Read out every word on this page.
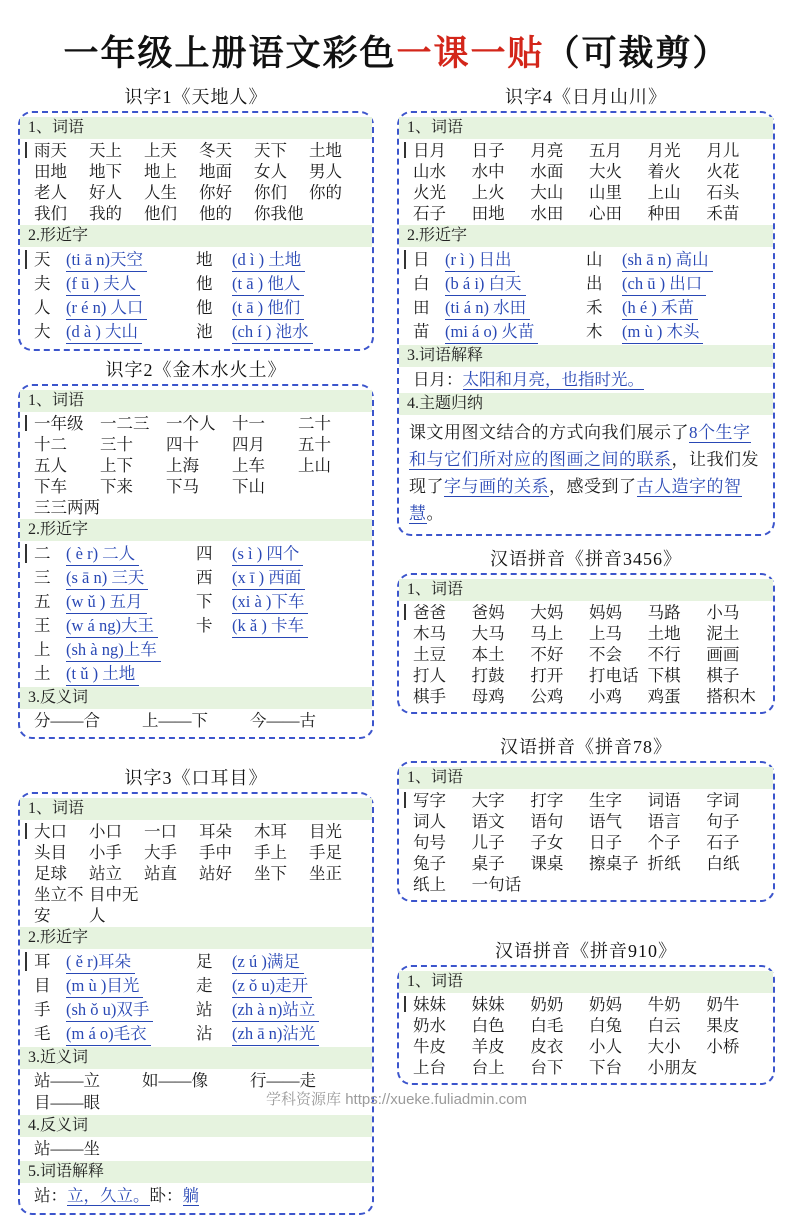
一年级上册语文彩色一课一贴（可裁剪）
识字1《天地人》
1、词语
雨天	天上	上天	冬天	天下	土地
田地	地下	地上	地面	女人	男人
老人	好人	人生	你好	你们	你的
我们	我的	他们	他的	你我他
2.形近字
天 (ti ā n)天空	地	(d ì ) 土地
夫 (f ū ) 夫人	他	(t ā ) 他人
人 (r é n) 人口	他	(t ā ) 他们
大 (d à ) 大山	池	(ch í ) 池水
识字2《金木水火土》
1、词语
一年级	一二三	一个人	十一	二十
十二	三十	四十	四月	五十
五人	上下	上海	上车	上山
下车	下来	下马	下山
三三两两
2.形近字
二 ( è r) 二人	四	(s ì ) 四个
三 (s ā n) 三天	西	(x ī ) 西面
五 (w ǔ ) 五月	下	(xi à )下车
王 (w á ng)大王	卡	(k ǎ ) 卡车
上 (sh à ng)上车
土 (t ǔ ) 土地
3.反义词
分——合	上——下	今——古
识字3《口耳目》
1、词语
大口	小口	一口	耳朵	木耳	目光
头目	小手	大手	手中	手上	手足
足球	站立	站直	站好	坐下	坐正
坐立不安
目中无人
2.形近字
耳 ( ě r)耳朵	足	(z ú )满足
目 (m ù )目光	走	(z ǒ u)走开
手 (sh ǒ u)双手	站	(zh à n)站立
毛 (m á o)毛衣	沾	(zh ā n)沾光
3.近义词
站——立	如——像	行——走
目——眼
4.反义词
站——坐
5.词语解释
站：立，久立。卧：躺
识字4《日月山川》
1、词语
日月	日子	月亮	五月	月光	月儿
山水	水中	水面	大火	着火	火花
火光	上火	大山	山里	上山	石头
石子	田地	水田	心田	种田	禾苗
2.形近字
日 (r ì ) 日出	山	(sh ā n) 高山
白 (b á i) 白天	出	(ch ū ) 出口
田 (ti á n) 水田	禾	(h é ) 禾苗
苗 (mi á o) 火苗	木	(m ù ) 木头
3.词语解释
日月：太阳和月亮，也指时光。
4.主题归纳
课文用图文结合的方式向我们展示了8个生字和与它们所对应的图画之间的联系，让我们发现了字与画的关系，感受到了古人造字的智慧。
汉语拼音《拼音3456》
1、词语
爸爸	爸妈	大妈	妈妈	马路	小马
木马	大马	马上	上马	土地	泥土
土豆	本土	不好	不会	不行	画画
打人	打鼓	打开	打电话 下棋	棋子
棋手	母鸡	公鸡	小鸡	鸡蛋	搭积木
汉语拼音《拼音78》
1、词语
写字	大字	打字	生字	词语	字词
词人	语文	语句	语气	语言	句子
句号	儿子	子女	日子	个子	石子
兔子	桌子	课桌	擦桌子 折纸	白纸
纸上	一句话
汉语拼音《拼音910》
1、词语
妹妹	妹妹	奶奶	奶妈	牛奶	奶牛
奶水	白色	白毛	白兔	白云	果皮
牛皮	羊皮	皮衣	小人	大小	小桥
上台	台上	台下	下台	小朋友
学科资源库 https://xueke.fuliadmin.com
